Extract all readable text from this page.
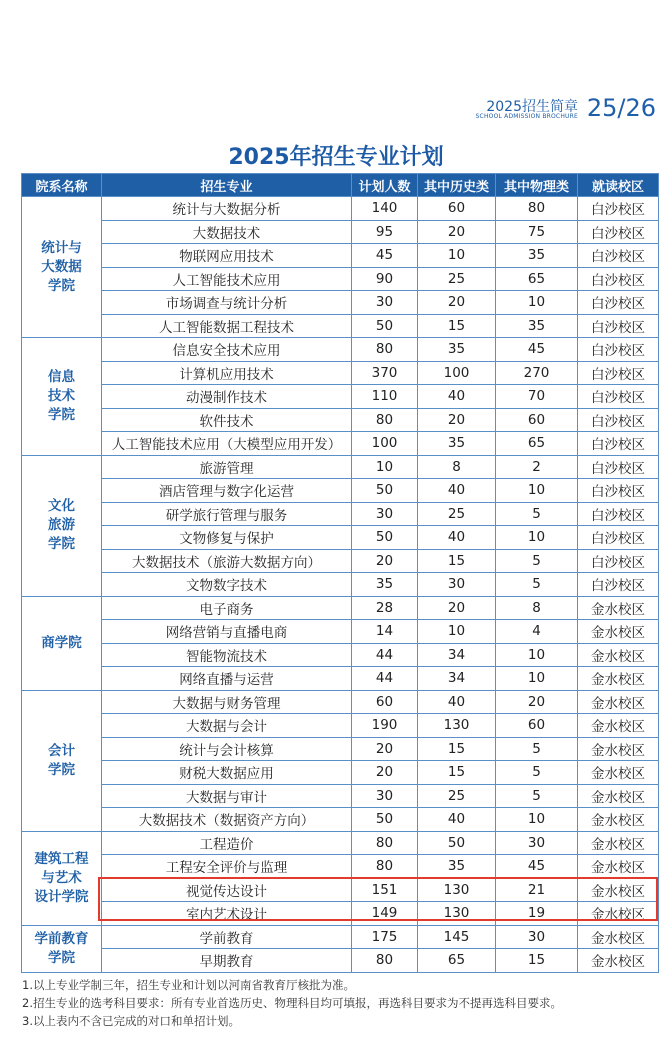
2025招生简章
SCHOOL ADMISSION BROCHURE 25/26
2025年招生专业计划
院系名称	招生专业	计划人数	其中历史类	其中物理类	就读校区

统计与
大数据
学院	统计与大数据分析	140	60	80	白沙校区
	大数据技术	95	20	75	白沙校区
	物联网应用技术	45	10	35	白沙校区
	人工智能技术应用	90	25	65	白沙校区
	市场调查与统计分析	30	20	10	白沙校区
	人工智能数据工程技术	50	15	35	白沙校区

信息
技术
学院	信息安全技术应用	80	35	45	白沙校区
	计算机应用技术	370	100	270	白沙校区
	动漫制作技术	110	40	70	白沙校区
	软件技术	80	20	60	白沙校区
	人工智能技术应用（大模型应用开发）	100	35	65	白沙校区

文化
旅游
学院	旅游管理	10	8	2	白沙校区
	酒店管理与数字化运营	50	40	10	白沙校区
	研学旅行管理与服务	30	25	5	白沙校区
	文物修复与保护	50	40	10	白沙校区
	大数据技术（旅游大数据方向）	20	15	5	白沙校区
	文物数字技术	35	30	5	白沙校区

商学院	电子商务	28	20	8	金水校区
	网络营销与直播电商	14	10	4	金水校区
	智能物流技术	44	34	10	金水校区
	网络直播与运营	44	34	10	金水校区

会计
学院	大数据与财务管理	60	40	20	金水校区
	大数据与会计	190	130	60	金水校区
	统计与会计核算	20	15	5	金水校区
	财税大数据应用	20	15	5	金水校区
	大数据与审计	30	25	5	金水校区
	大数据技术（数据资产方向）	50	40	10	金水校区

建筑工程
与艺术
设计学院	工程造价	80	50	30	金水校区
	工程安全评价与监理	80	35	45	金水校区
	视觉传达设计	151	130	21	金水校区
	室内艺术设计	149	130	19	金水校区

学前教育
学院	学前教育	175	145	30	金水校区
	早期教育	80	65	15	金水校区
1.以上专业学制三年，招生专业和计划以河南省教育厅核批为准。
2.招生专业的选考科目要求：所有专业首选历史、物理科目均可填报，再选科目要求为不提再选科目要求。
3.以上表内不含已完成的对口和单招计划。
